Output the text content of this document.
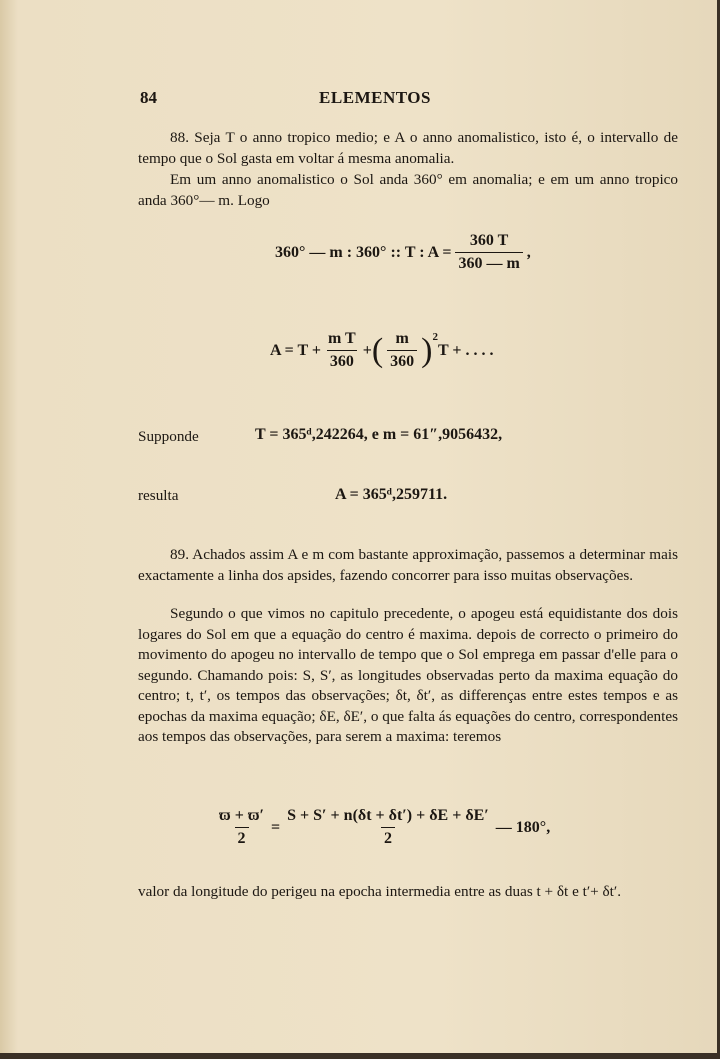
ELEMENTOS
84
88. Seja T o anno tropico medio; e A o anno anomalistico, isto é, o intervallo de tempo que o Sol gasta em voltar á mesma anomalia.
Em um anno anomalistico o Sol anda 360° em anomalia; e em um anno tropico anda 360°— m. Logo
360° — m : 360° :: T : $A = \frac{360 T}{360 — m}$ ,
$A = T + \frac{\text{m T}}{360}$ + ( $\frac{m}{360}$ ) 2
T + . . . .
Supponde	T = 365ᵈ,242264, e m = 61″,9056432,
resulta	A = 365ᵈ,259711.
89. Achados assim A e m com bastante approximação, passemos a determinar mais exactamente a linha dos apsides, fazendo concorrer para isso muitas observações.
Segundo o que vimos no capitulo precedente, o apogeu está equidistante dos dois logares do Sol em que a equação do centro é maxima. depois de correcto o primeiro do movimento do apogeu no intervallo de tempo que o Sol emprega em passar d'elle para o segundo. Chamando pois: S, S′, as longitudes observadas perto da maxima equação do centro; t, t′, os tempos das observações; δt, δt′, as differenças entre estes tempos e as epochas da maxima equação; δE, δE′, o que falta ás equações do centro, correspondentes aos tempos das observações, para serem a maxima: teremos
$\frac{ϖ + ϖ'}{2} = \frac{S + S' + n(\delta t + \delta t') + \delta E + \delta E'}{2}$ — 180°,
valor da longitude do perigeu na epocha intermedia entre as duas t + δt e t′+ δt′.
